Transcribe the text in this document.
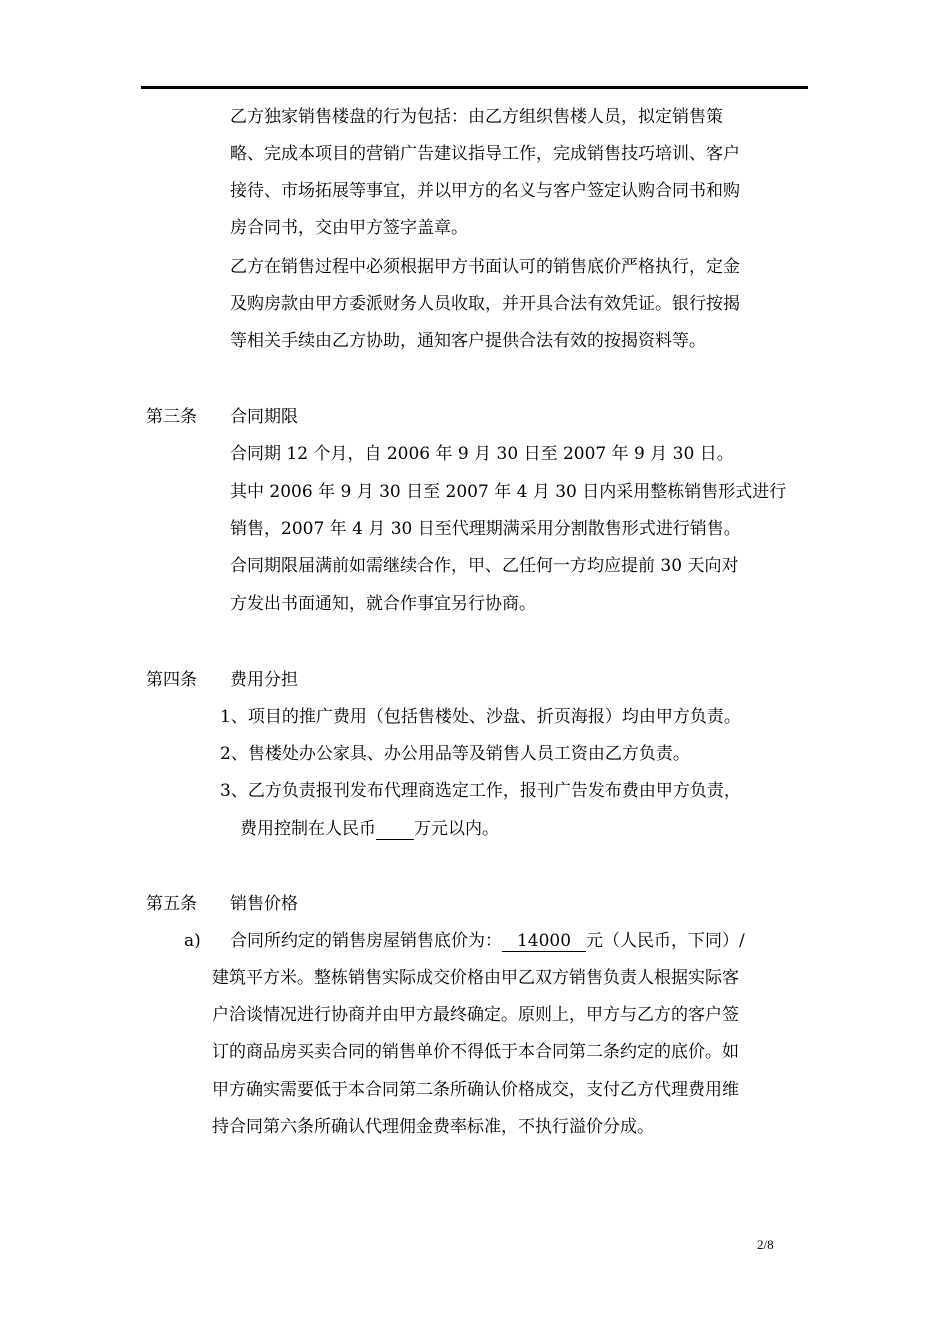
乙方独家销售楼盘的行为包括：由乙方组织售楼人员，拟定销售策
略、完成本项目的营销广告建议指导工作，完成销售技巧培训、客户
接待、市场拓展等事宜，并以甲方的名义与客户签定认购合同书和购
房合同书，交由甲方签字盖章。
乙方在销售过程中必须根据甲方书面认可的销售底价严格执行，定金
及购房款由甲方委派财务人员收取，并开具合法有效凭证。银行按揭
等相关手续由乙方协助，通知客户提供合法有效的按揭资料等。
第三条 合同期限
合同期 12 个月，自 2006 年 9 月 30 日至 2007 年 9 月 30 日。
其中 2006 年 9 月 30 日至 2007 年 4 月 30 日内采用整栋销售形式进行
销售，2007 年 4 月 30 日至代理期满采用分割散售形式进行销售。
合同期限届满前如需继续合作，甲、乙任何一方均应提前 30 天向对
方发出书面通知，就合作事宜另行协商。
第四条 费用分担
1、项目的推广费用（包括售楼处、沙盘、折页海报）均由甲方负责。
2、售楼处办公家具、办公用品等及销售人员工资由乙方负责。
3、乙方负责报刊发布代理商选定工作，报刊广告发布费由甲方负责，
费用控制在人民币 万元以内。
第五条 销售价格
a) 合同所约定的销售房屋销售底价为： 14000 元（人民币，下同）/
建筑平方米。整栋销售实际成交价格由甲乙双方销售负责人根据实际客
户洽谈情况进行协商并由甲方最终确定。原则上，甲方与乙方的客户签
订的商品房买卖合同的销售单价不得低于本合同第二条约定的底价。如
甲方确实需要低于本合同第二条所确认价格成交，支付乙方代理费用维
持合同第六条所确认代理佣金费率标准，不执行溢价分成。
2/8
